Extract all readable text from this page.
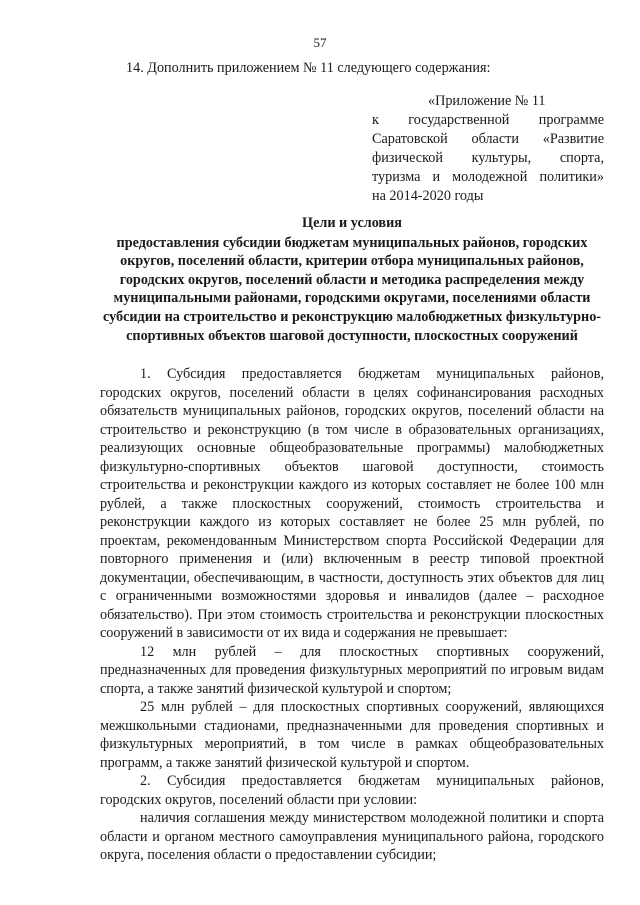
57
14. Дополнить приложением № 11 следующего содержания:
«Приложение № 11
к государственной программе
Саратовской области «Развитие
физической культуры, спорта,
туризма и молодежной политики»
на 2014-2020 годы
Цели и условия
предоставления субсидии бюджетам муниципальных районов, городских округов, поселений области, критерии отбора муниципальных районов, городских округов, поселений области и методика распределения между муниципальными районами, городскими округами, поселениями области субсидии на строительство и реконструкцию малобюджетных физкультурно-спортивных объектов шаговой доступности, плоскостных сооружений

1. Субсидия предоставляется бюджетам муниципальных районов, городских округов, поселений области в целях софинансирования расходных обязательств муниципальных районов, городских округов, поселений области на строительство и реконструкцию (в том числе в образовательных организациях, реализующих основные общеобразовательные программы) малобюджетных физкультурно-спортивных объектов шаговой доступности, стоимость строительства и реконструкции каждого из которых составляет не более 100 млн рублей, а также плоскостных сооружений, стоимость строительства и реконструкции каждого из которых составляет не более 25 млн рублей, по проектам, рекомендованным Министерством спорта Российской Федерации для повторного применения и (или) включенным в реестр типовой проектной документации, обеспечивающим, в частности, доступность этих объектов для лиц с ограниченными возможностями здоровья и инвалидов (далее – расходное обязательство). При этом стоимость строительства и реконструкции плоскостных сооружений в зависимости от их вида и содержания не превышает:

12 млн рублей – для плоскостных спортивных сооружений, предназначенных для проведения физкультурных мероприятий по игровым видам спорта, а также занятий физической культурой и спортом;

25 млн рублей – для плоскостных спортивных сооружений, являющихся межшкольными стадионами, предназначенными для проведения спортивных и физкультурных мероприятий, в том числе в рамках общеобразовательных программ, а также занятий физической культурой и спортом.

2. Субсидия предоставляется бюджетам муниципальных районов, городских округов, поселений области при условии:

наличия соглашения между министерством молодежной политики и спорта области и органом местного самоуправления муниципального района, городского округа, поселения области о предоставлении субсидии;
